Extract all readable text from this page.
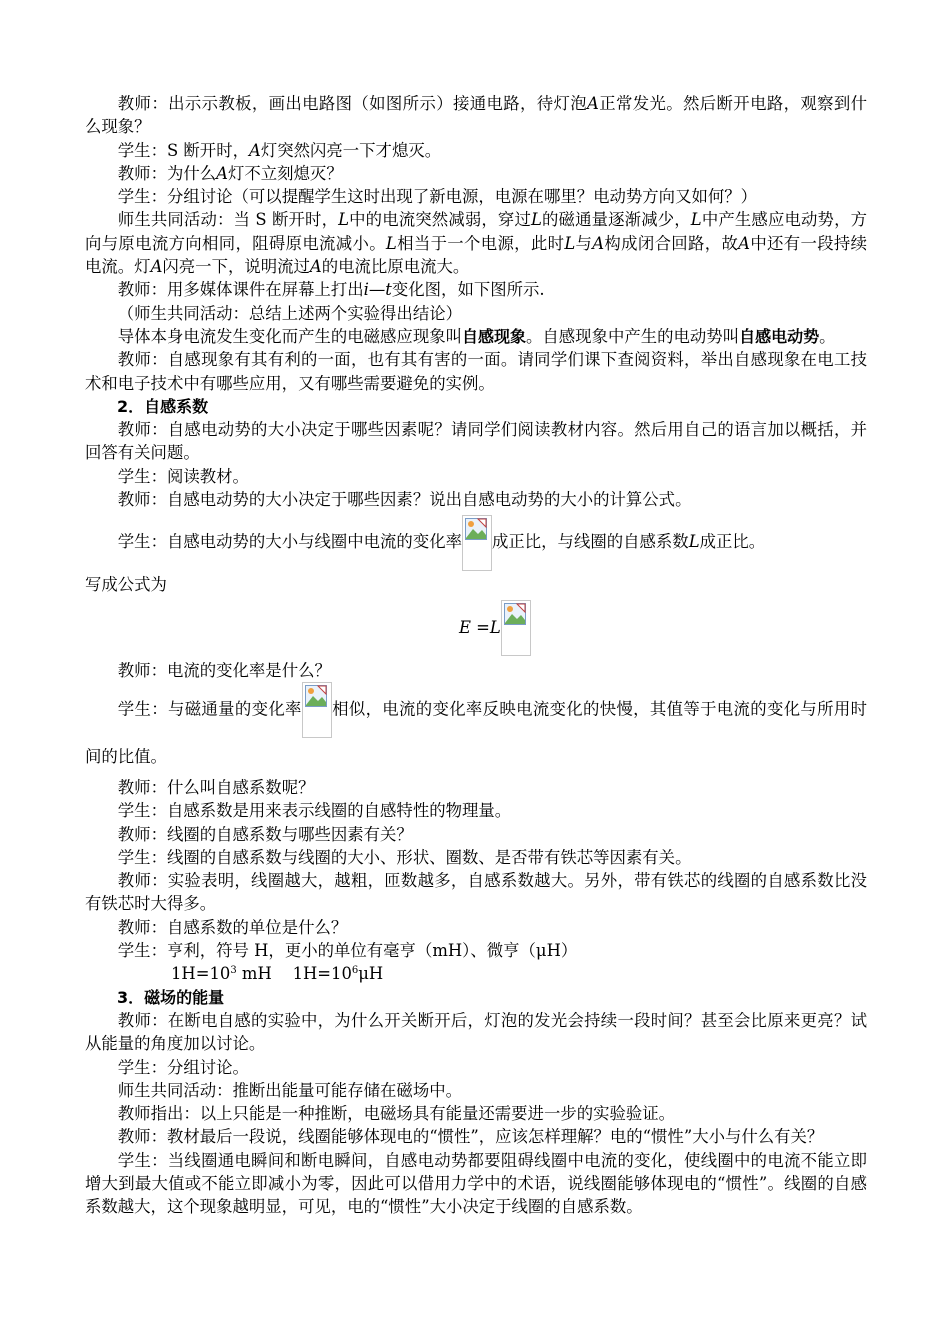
教师：出示示教板，画出电路图（如图所示）接通电路，待灯泡A正常发光。然后断开电路，观察到什么现象？

学生：S 断开时，A灯突然闪亮一下才熄灭。

教师：为什么A灯不立刻熄灭？

学生：分组讨论（可以提醒学生这时出现了新电源，电源在哪里？电动势方向又如何？）

师生共同活动：当 S 断开时，L中的电流突然减弱，穿过L的磁通量逐渐减少，L中产生感应电动势，方向与原电流方向相同，阻碍原电流减小。L相当于一个电源，此时L与A构成闭合回路，故A中还有一段持续电流。灯A闪亮一下，说明流过A的电流比原电流大。

教师：用多媒体课件在屏幕上打出i—t变化图，如下图所示.

（师生共同活动：总结上述两个实验得出结论）

导体本身电流发生变化而产生的电磁感应现象叫自感现象。自感现象中产生的电动势叫自感电动势。

教师：自感现象有其有利的一面，也有其有害的一面。请同学们课下查阅资料，举出自感现象在电工技术和电子技术中有哪些应用，又有哪些需要避免的实例。

2．自感系数

教师：自感电动势的大小决定于哪些因素呢？请同学们阅读教材内容。然后用自己的语言加以概括，并回答有关问题。

学生：阅读教材。

教师：自感电动势的大小决定于哪些因素？说出自感电动势的大小的计算公式。

学生：自感电动势的大小与线圈中电流的变化率 成正比，与线圈的自感系数L成正比。

写成公式为

E =L

教师：电流的变化率是什么？

学生：与磁通量的变化率 相似，电流的变化率反映电流变化的快慢，其值等于电流的变化与所用时间的比值。

教师：什么叫自感系数呢？

学生：自感系数是用来表示线圈的自感特性的物理量。

教师：线圈的自感系数与哪些因素有关？

学生：线圈的自感系数与线圈的大小、形状、圈数、是否带有铁芯等因素有关。

教师：实验表明，线圈越大，越粗，匝数越多，自感系数越大。另外，带有铁芯的线圈的自感系数比没有铁芯时大得多。

教师：自感系数的单位是什么？

学生：亨利，符号 H，更小的单位有毫亨（mH）、微亨（μH）

$1H=10^3$ mH    $1H=10^6\mu H$

3．磁场的能量

教师：在断电自感的实验中，为什么开关断开后，灯泡的发光会持续一段时间？甚至会比原来更亮？试从能量的角度加以讨论。

学生：分组讨论。

师生共同活动：推断出能量可能存储在磁场中。

教师指出：以上只能是一种推断，电磁场具有能量还需要进一步的实验验证。

教师：教材最后一段说，线圈能够体现电的“惯性”，应该怎样理解？电的“惯性”大小与什么有关？

学生：当线圈通电瞬间和断电瞬间，自感电动势都要阻碍线圈中电流的变化，使线圈中的电流不能立即增大到最大值或不能立即减小为零，因此可以借用力学中的术语，说线圈能够体现电的“惯性”。线圈的自感系数越大，这个现象越明显，可见，电的“惯性”大小决定于线圈的自感系数。
